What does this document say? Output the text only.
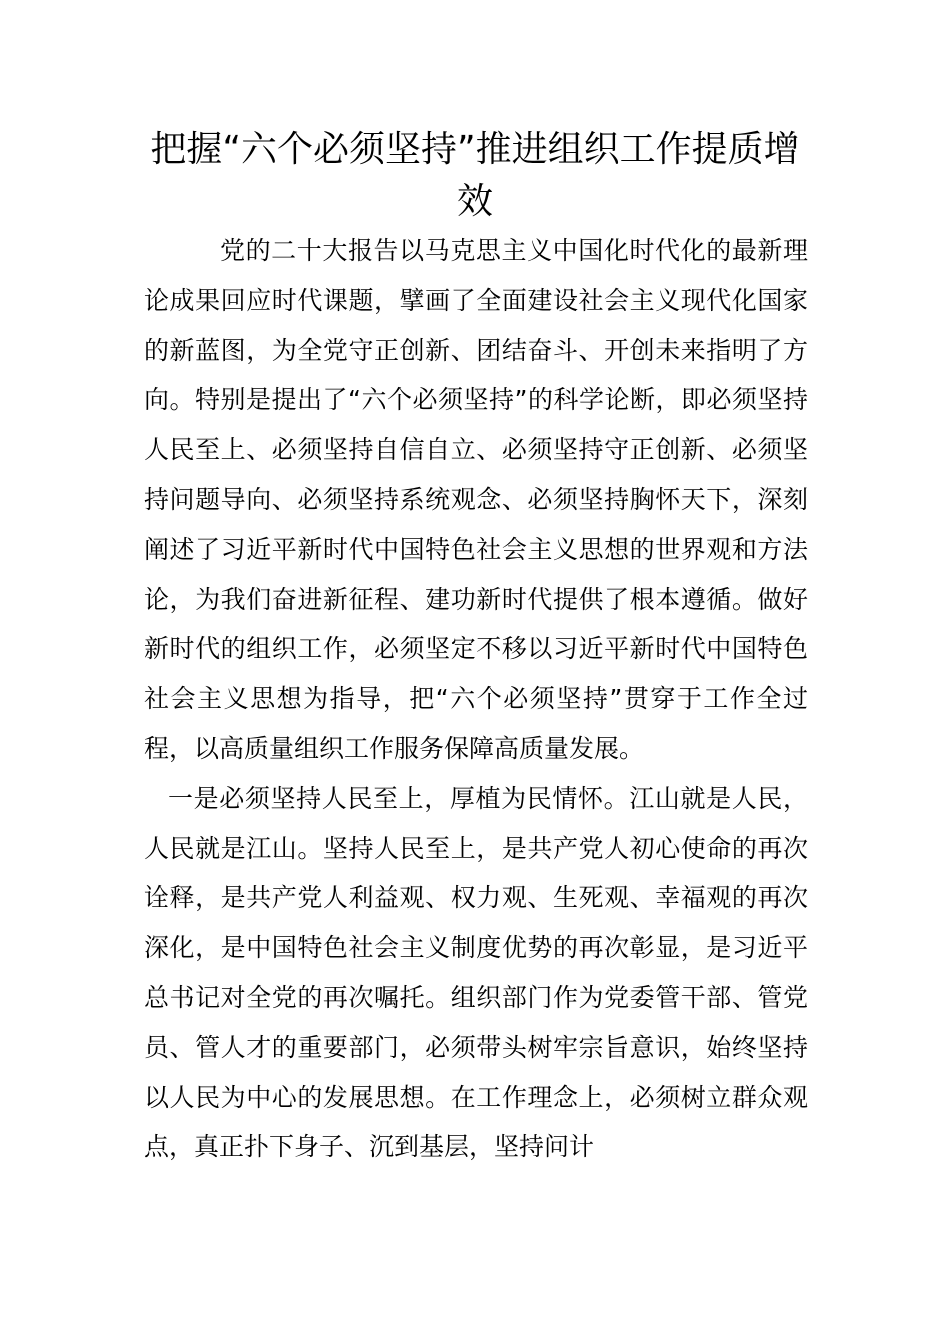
把握“六个必须坚持”推进组织工作提质增效

党的二十大报告以马克思主义中国化时代化的最新理论成果回应时代课题，擘画了全面建设社会主义现代化国家的新蓝图，为全党守正创新、团结奋斗、开创未来指明了方向。特别是提出了“六个必须坚持”的科学论断，即必须坚持人民至上、必须坚持自信自立、必须坚持守正创新、必须坚持问题导向、必须坚持系统观念、必须坚持胸怀天下，深刻阐述了习近平新时代中国特色社会主义思想的世界观和方法论，为我们奋进新征程、建功新时代提供了根本遵循。做好新时代的组织工作，必须坚定不移以习近平新时代中国特色社会主义思想为指导，把“六个必须坚持”贯穿于工作全过程，以高质量组织工作服务保障高质量发展。

一是必须坚持人民至上，厚植为民情怀。江山就是人民，人民就是江山。坚持人民至上，是共产党人初心使命的再次诠释，是共产党人利益观、权力观、生死观、幸福观的再次深化，是中国特色社会主义制度优势的再次彰显，是习近平总书记对全党的再次嘱托。组织部门作为党委管干部、管党员、管人才的重要部门，必须带头树牢宗旨意识，始终坚持以人民为中心的发展思想。在工作理念上，必须树立群众观点，真正扑下身子、沉到基层，坚持问计
